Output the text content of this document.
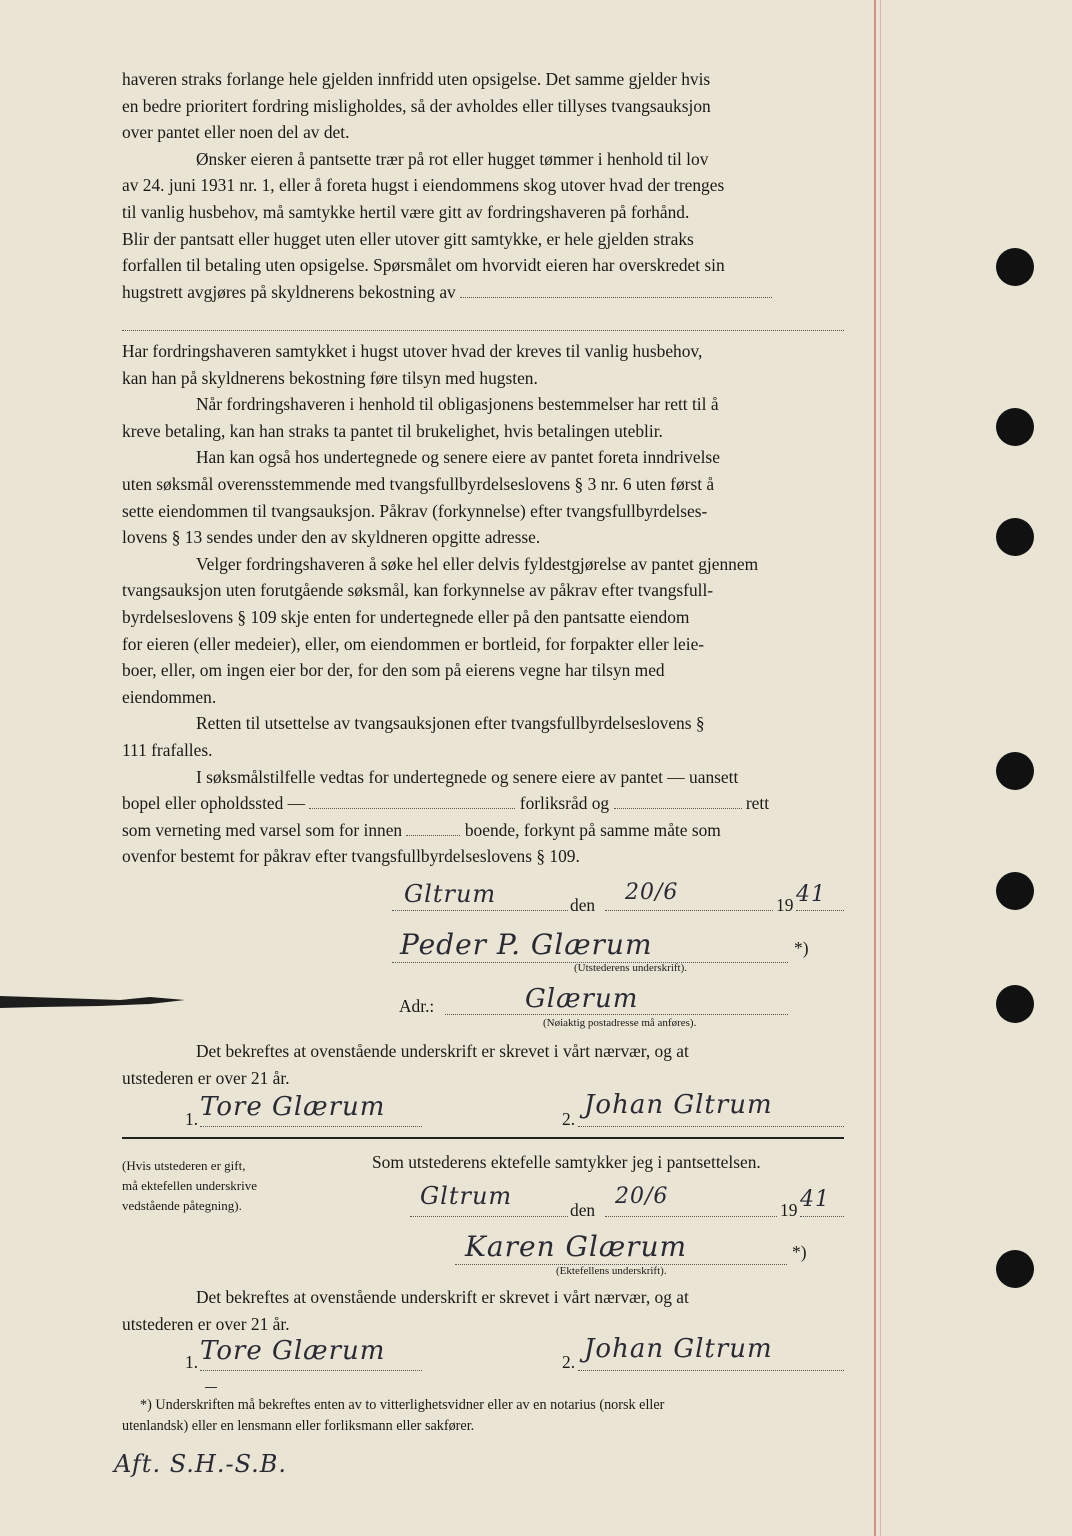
haveren straks forlange hele gjelden innfridd uten opsigelse. Det samme gjelder hvis

en bedre prioritert fordring misligholdes, så der avholdes eller tillyses tvangsauksjon

over pantet eller noen del av det.

Ønsker eieren å pantsette trær på rot eller hugget tømmer i henhold til lov

av 24. juni 1931 nr. 1, eller å foreta hugst i eiendommens skog utover hvad der trenges

til vanlig husbehov, må samtykke hertil være gitt av fordringshaveren på forhånd.

Blir der pantsatt eller hugget uten eller utover gitt samtykke, er hele gjelden straks

forfallen til betaling uten opsigelse. Spørsmålet om hvorvidt eieren har overskredet sin

hugstrett avgjøres på skyldnerens bekostning av

Har fordringshaveren samtykket i hugst utover hvad der kreves til vanlig husbehov,

kan han på skyldnerens bekostning føre tilsyn med hugsten.

Når fordringshaveren i henhold til obligasjonens bestemmelser har rett til å

kreve betaling, kan han straks ta pantet til brukelighet, hvis betalingen uteblir.

Han kan også hos undertegnede og senere eiere av pantet foreta inndrivelse

uten søksmål overensstemmende med tvangsfullbyrdelseslovens § 3 nr. 6 uten først å

sette eiendommen til tvangsauksjon. Påkrav (forkynnelse) efter tvangsfullbyrdelses-

lovens § 13 sendes under den av skyldneren opgitte adresse.

Velger fordringshaveren å søke hel eller delvis fyldestgjørelse av pantet gjennem

tvangsauksjon uten forutgående søksmål, kan forkynnelse av påkrav efter tvangsfull-

byrdelseslovens § 109 skje enten for undertegnede eller på den pantsatte eiendom

for eieren (eller medeier), eller, om eiendommen er bortleid, for forpakter eller leie-

boer, eller, om ingen eier bor der, for den som på eierens vegne har tilsyn med

eiendommen.

Retten til utsettelse av tvangsauksjonen efter tvangsfullbyrdelseslovens §

111 frafalles.

I søksmålstilfelle vedtas for undertegnede og senere eiere av pantet — uansett

bopel eller opholdssted —	forliksråd og	rett

som verneting med varsel som for innen	boende, forkynt på samme måte som

ovenfor bestemt for påkrav efter tvangsfullbyrdelseslovens § 109.

Gltrum	den 20/6	19 41
Peder P. Glærum	*)
(Utstederens underskrift).
Adr.:	Glærum
(Nøiaktig postadresse må anføres).

Det bekreftes at ovenstående underskrift er skrevet i vårt nærvær, og at

utstederen er over 21 år.

1. Tore Glærum	2. Johan Gltrum
(Hvis utstederen er gift,
må ektefellen underskrive
vedstående påtegning).
Som utstederens ektefelle samtykker jeg i pantsettelsen.
Gltrum	den
20/6
19 41
Karen Glærum	*)
(Ektefellens underskrift).

Det bekreftes at ovenstående underskrift er skrevet i vårt nærvær, og at

utstederen er over 21 år.

1. Tore Glærum	2. Johan Gltrum
*) Underskriften må bekreftes enten av to vitterlighetsvidner eller av en notarius (norsk eller
utenlandsk) eller en lensmann eller forliksmann eller sakfører.
Aft. S.H.-S.B.
